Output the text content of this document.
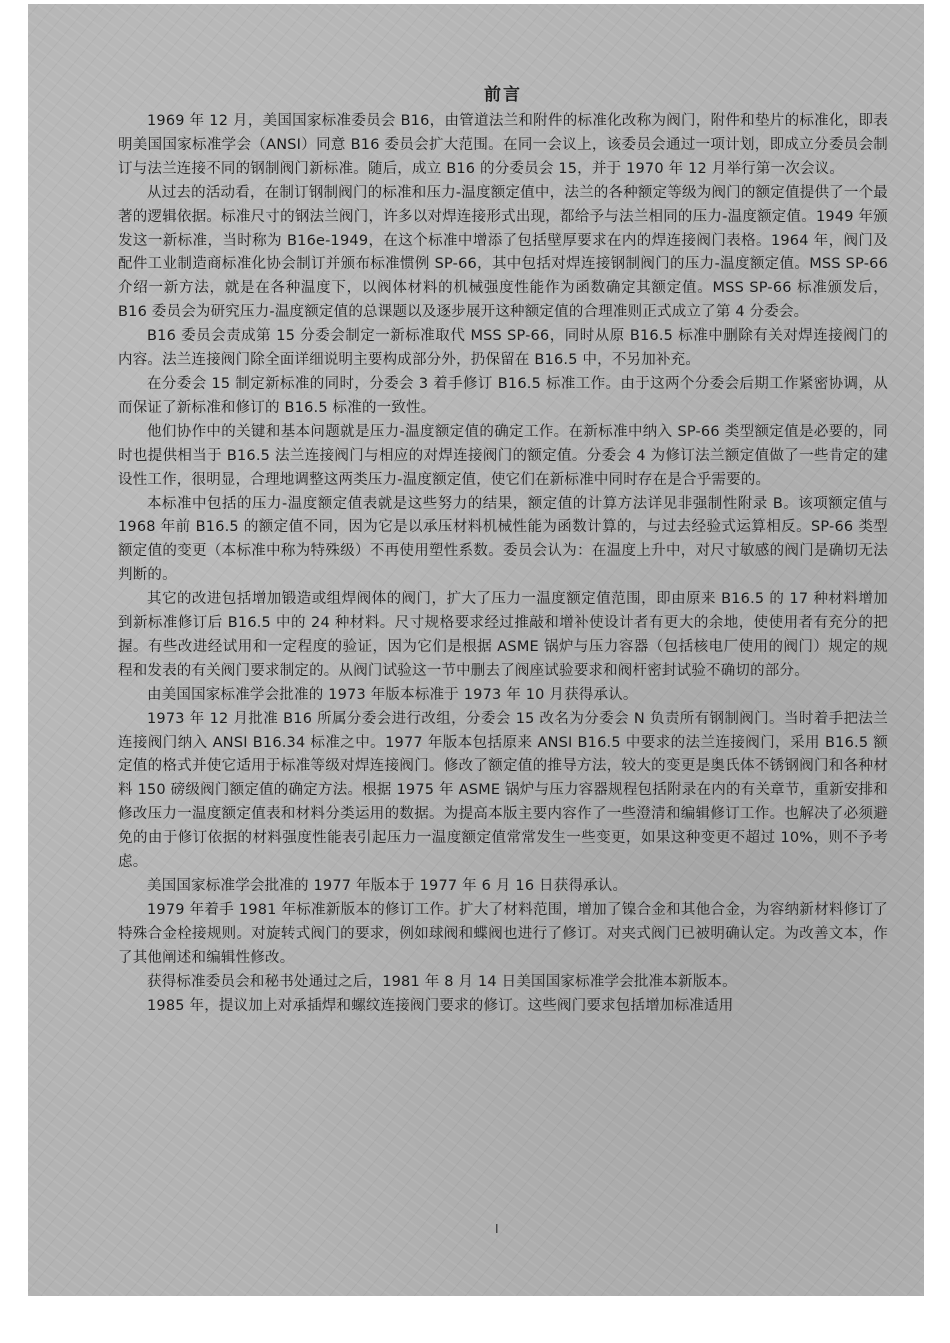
前言

1969 年 12 月，美国国家标准委员会 B16，由管道法兰和附件的标准化改称为阀门，附件和垫片的标准化，即表明美国国家标准学会（ANSI）同意 B16 委员会扩大范围。在同一会议上，该委员会通过一项计划，即成立分委员会制订与法兰连接不同的钢制阀门新标准。随后，成立 B16 的分委员会 15，并于 1970 年 12 月举行第一次会议。

从过去的活动看，在制订钢制阀门的标准和压力-温度额定值中，法兰的各种额定等级为阀门的额定值提供了一个最著的逻辑依据。标准尺寸的钢法兰阀门，许多以对焊连接形式出现，都给予与法兰相同的压力-温度额定值。1949 年颁发这一新标准，当时称为 B16e-1949，在这个标准中增添了包括壁厚要求在内的焊连接阀门表格。1964 年，阀门及配件工业制造商标准化协会制订并颁布标准惯例 SP-66，其中包括对焊连接钢制阀门的压力-温度额定值。MSS SP-66 介绍一新方法，就是在各种温度下，以阀体材料的机械强度性能作为函数确定其额定值。MSS SP-66 标准颁发后，B16 委员会为研究压力-温度额定值的总课题以及逐步展开这种额定值的合理准则正式成立了第 4 分委会。

B16 委员会责成第 15 分委会制定一新标准取代 MSS SP-66，同时从原 B16.5 标准中删除有关对焊连接阀门的内容。法兰连接阀门除全面详细说明主要构成部分外，扔保留在 B16.5 中，不另加补充。

在分委会 15 制定新标准的同时，分委会 3 着手修订 B16.5 标准工作。由于这两个分委会后期工作紧密协调，从而保证了新标准和修订的 B16.5 标准的一致性。

他们协作中的关键和基本问题就是压力-温度额定值的确定工作。在新标准中纳入 SP-66 类型额定值是必要的，同时也提供相当于 B16.5 法兰连接阀门与相应的对焊连接阀门的额定值。分委会 4 为修订法兰额定值做了一些肯定的建设性工作，很明显，合理地调整这两类压力-温度额定值，使它们在新标准中同时存在是合乎需要的。

本标准中包括的压力-温度额定值表就是这些努力的结果，额定值的计算方法详见非强制性附录 B。该项额定值与 1968 年前 B16.5 的额定值不同，因为它是以承压材料机械性能为函数计算的，与过去经验式运算相反。SP-66 类型额定值的变更（本标准中称为特殊级）不再使用塑性系数。委员会认为：在温度上升中，对尺寸敏感的阀门是确切无法判断的。

其它的改进包括增加锻造或组焊阀体的阀门，扩大了压力一温度额定值范围，即由原来 B16.5 的 17 种材料增加到新标准修订后 B16.5 中的 24 种材料。尺寸规格要求经过推敲和增补使设计者有更大的余地，使使用者有充分的把握。有些改进经试用和一定程度的验证，因为它们是根据 ASME 锅炉与压力容器（包括核电厂使用的阀门）规定的规程和发表的有关阀门要求制定的。从阀门试验这一节中删去了阀座试验要求和阀杆密封试验不确切的部分。

由美国国家标准学会批准的 1973 年版本标准于 1973 年 10 月获得承认。

1973 年 12 月批准 B16 所属分委会进行改组，分委会 15 改名为分委会 N 负责所有钢制阀门。当时着手把法兰连接阀门纳入 ANSI B16.34 标准之中。1977 年版本包括原来 ANSI B16.5 中要求的法兰连接阀门，采用 B16.5 额定值的格式并使它适用于标准等级对焊连接阀门。修改了额定值的推导方法，较大的变更是奥氏体不锈钢阀门和各种材料 150 磅级阀门额定值的确定方法。根据 1975 年 ASME 锅炉与压力容器规程包括附录在内的有关章节，重新安排和修改压力一温度额定值表和材料分类运用的数据。为提高本版主要内容作了一些澄清和编辑修订工作。也解决了必须避免的由于修订依据的材料强度性能表引起压力一温度额定值常常发生一些变更，如果这种变更不超过 10%，则不予考虑。

美国国家标准学会批准的 1977 年版本于 1977 年 6 月 16 日获得承认。

1979 年着手 1981 年标准新版本的修订工作。扩大了材料范围，增加了镍合金和其他合金，为容纳新材料修订了特殊合金栓接规则。对旋转式阀门的要求，例如球阀和蝶阀也进行了修订。对夹式阀门已被明确认定。为改善文本，作了其他阐述和编辑性修改。

获得标准委员会和秘书处通过之后，1981 年 8 月 14 日美国国家标准学会批准本新版本。

1985 年，提议加上对承插焊和螺纹连接阀门要求的修订。这些阀门要求包括增加标准适用

I
